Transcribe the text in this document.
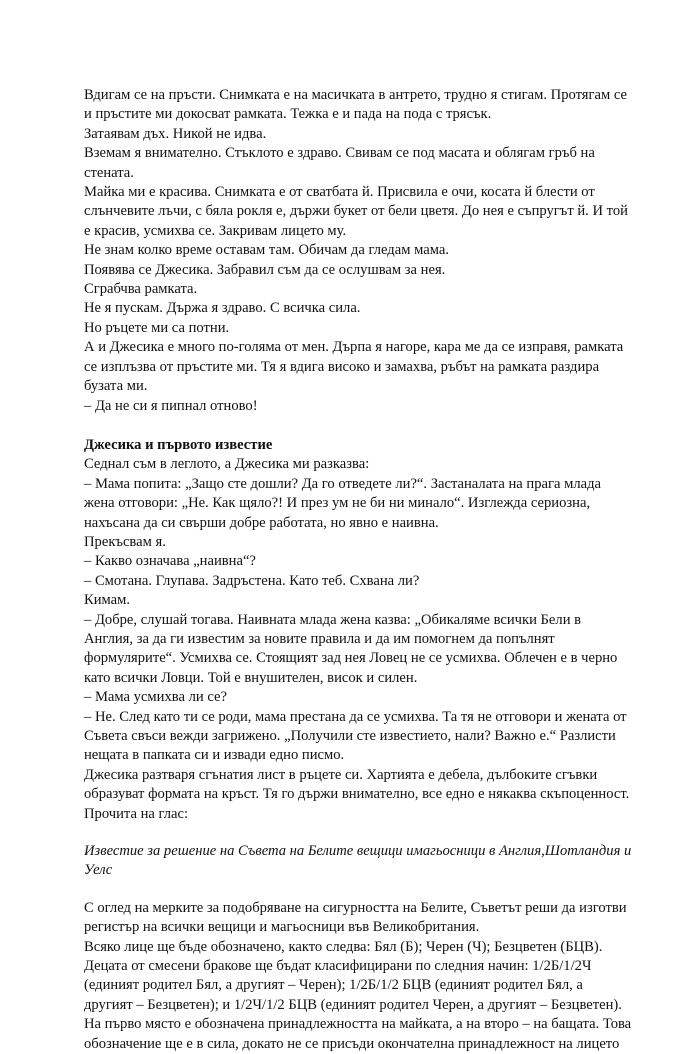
Вдигам се на пръсти. Снимката е на масичката в антрето, трудно я стигам. Протягам се
и пръстите ми докосват рамката. Тежка е и пада на пода с трясък.

Затаявам дъх. Никой не идва.

Вземам я внимателно. Стъклото е здраво. Свивам се под масата и облягам гръб на
стената.

Майка ми е красива. Снимката е от сватбата й. Присвила е очи, косата й блести от
слънчевите лъчи, с бяла рокля е, държи букет от бели цветя. До нея е съпругът й. И той
е красив, усмихва се. Закривам лицето му.

Не знам колко време оставам там. Обичам да гледам мама.

Появява се Джесика. Забравил съм да се ослушвам за нея.

Сграбчва рамката.

Не я пускам. Държа я здраво. С всичка сила.

Но ръцете ми са потни.

А и Джесика е много по-голяма от мен. Дърпа я нагоре, кара ме да се изправя, рамката
се изплъзва от пръстите ми. Тя я вдига високо и замахва, ръбът на рамката раздира
бузата ми.

– Да не си я пипнал отново!

Джесика и първото известие

Седнал съм в леглото, а Джесика ми разказва:

– Мама попита: „Защо сте дошли? Да го отведете ли?“. Застаналата на прага млада
жена отговори: „Не. Как щяло?! И през ум не би ни минало“. Изглежда сериозна,
нахъсана да си свърши добре работата, но явно е наивна.

Прекъсвам я.

– Какво означава „наивна“?

– Смотана. Глупава. Задръстена. Като теб. Схвана ли?

Кимам.

– Добре, слушай тогава. Наивната млада жена казва: „Обикаляме всички Бели в
Англия, за да ги известим за новите правила и да им помогнем да попълнят
формулярите“. Усмихва се. Стоящият зад нея Ловец не се усмихва. Облечен е в черно
като всички Ловци. Той е внушителен, висок и силен.

– Мама усмихва ли се?

– Не. След като ти се роди, мама престана да се усмихва. Та тя не отговори и жената от
Съвета свъси вежди загрижено. „Получили сте известието, нали? Важно е.“ Разлисти
нещата в папката си и извади едно писмо.

Джесика разтваря сгънатия лист в ръцете си. Хартията е дебела, дълбоките сгъвки
образуват формата на кръст. Тя го държи внимателно, все едно е някаква скъпоценност.
Прочита на глас:

Известие за решение на Съвета на Белите вещици имагьосници в Англия,Шотландия и
Уелс

С оглед на мерките за подобряване на сигурността на Белите, Съветът реши да изготви
регистър на всички вещици и магьосници във Великобритания.

Всяко лице ще бъде обозначено, както следва: Бял (Б); Черен (Ч); Безцветен (БЦВ).

Децата от смесени бракове ще бъдат класифицирани по следния начин: 1/2Б/1/2Ч
(единият родител Бял, а другият – Черен); 1/2Б/1/2 БЦВ (единият родител Бял, а
другият – Безцветен); и 1/2Ч/1/2 БЦВ (единият родител Черен, а другият – Безцветен).
На първо място е обозначена принадлежността на майката, а на второ – на бащата. Това
обозначение ще е в сила, докато не се присъди окончателна принадлежност на лицето
